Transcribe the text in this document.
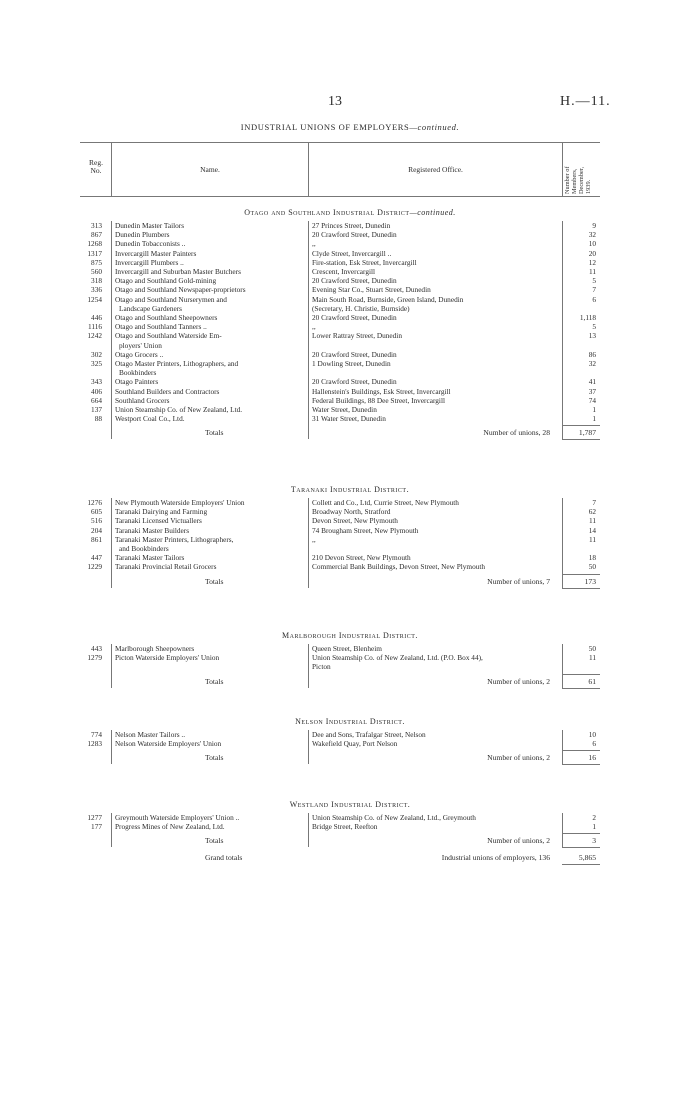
13	H.—11.
INDUSTRIAL UNIONS OF EMPLOYERS—continued.
Reg.
No.	Name.	Registered Office.	Number of
Members,
December,
1939.
Otago and Southland Industrial District—continued.
313 Dunedin Master Tailors	27 Princes Street, Dunedin	9
867 Dunedin Plumbers	20 Crawford Street, Dunedin	32
1268 Dunedin Tobacconists ..	,,	10
1317 Invercargill Master Painters	Clyde Street, Invercargill ..	20
875 Invercargill Plumbers ..	Fire-station, Esk Street, Invercargill	12
560 Invercargill and Suburban Master Butchers	Crescent, Invercargill	11
318 Otago and Southland Gold-mining	20 Crawford Street, Dunedin	5
336 Otago and Southland Newspaper-proprietors	Evening Star Co., Stuart Street, Dunedin	7
1254 Otago and Southland Nurserymen and	Main South Road, Burnside, Green Island, Dunedin	6
Landscape Gardeners	(Secretary, H. Christie, Burnside)
446 Otago and Southland Sheepowners	20 Crawford Street, Dunedin	1,118
1116 Otago and Southland Tanners ..	,,	5
1242 Otago and Southland Waterside Em-	Lower Rattray Street, Dunedin	13
ployers' Union
302 Otago Grocers ..	20 Crawford Street, Dunedin	86
325 Otago Master Printers, Lithographers, and	1 Dowling Street, Dunedin	32
Bookbinders
343 Otago Painters	20 Crawford Street, Dunedin	41
406 Southland Builders and Contractors	Hallenstein's Buildings, Esk Street, Invercargill	37
664 Southland Grocers	Federal Buildings, 88 Dee Street, Invercargill	74
137 Union Steamship Co. of New Zealand, Ltd.	Water Street, Dunedin	1
88 Westport Coal Co., Ltd.	31 Water Street, Dunedin	1
Totals	Number of unions, 28	1,787
Taranaki Industrial District.
1276 New Plymouth Waterside Employers' Union	Collett and Co., Ltd, Currie Street, New Plymouth	7
605 Taranaki Dairying and Farming	Broadway North, Stratford	62
516 Taranaki Licensed Victuallers	Devon Street, New Plymouth	11
204 Taranaki Master Builders	74 Brougham Street, New Plymouth	14
861 Taranaki Master Printers, Lithographers,	,,	11
and Bookbinders
447 Taranaki Master Tailors	210 Devon Street, New Plymouth	18
1229 Taranaki Provincial Retail Grocers	Commercial Bank Buildings, Devon Street, New Plymouth	50
Totals	Number of unions, 7	173
Marlborough Industrial District.
443 Marlborough Sheepowners	Queen Street, Blenheim	50
1279 Picton Waterside Employers' Union	Union Steamship Co. of New Zealand, Ltd. (P.O. Box 44),	11
Picton
Totals	Number of unions, 2	61
Nelson Industrial District.
774 Nelson Master Tailors ..	Dee and Sons, Trafalgar Street, Nelson	10
1283 Nelson Waterside Employers' Union	Wakefield Quay, Port Nelson	6
Totals	Number of unions, 2	16
Westland Industrial District.
1277 Greymouth Waterside Employers' Union ..	Union Steamship Co. of New Zealand, Ltd., Greymouth	2
177 Progress Mines of New Zealand, Ltd.	Bridge Street, Reefton	1
Totals	Number of unions, 2	3
Grand totals	Industrial unions of employers, 136	5,865
